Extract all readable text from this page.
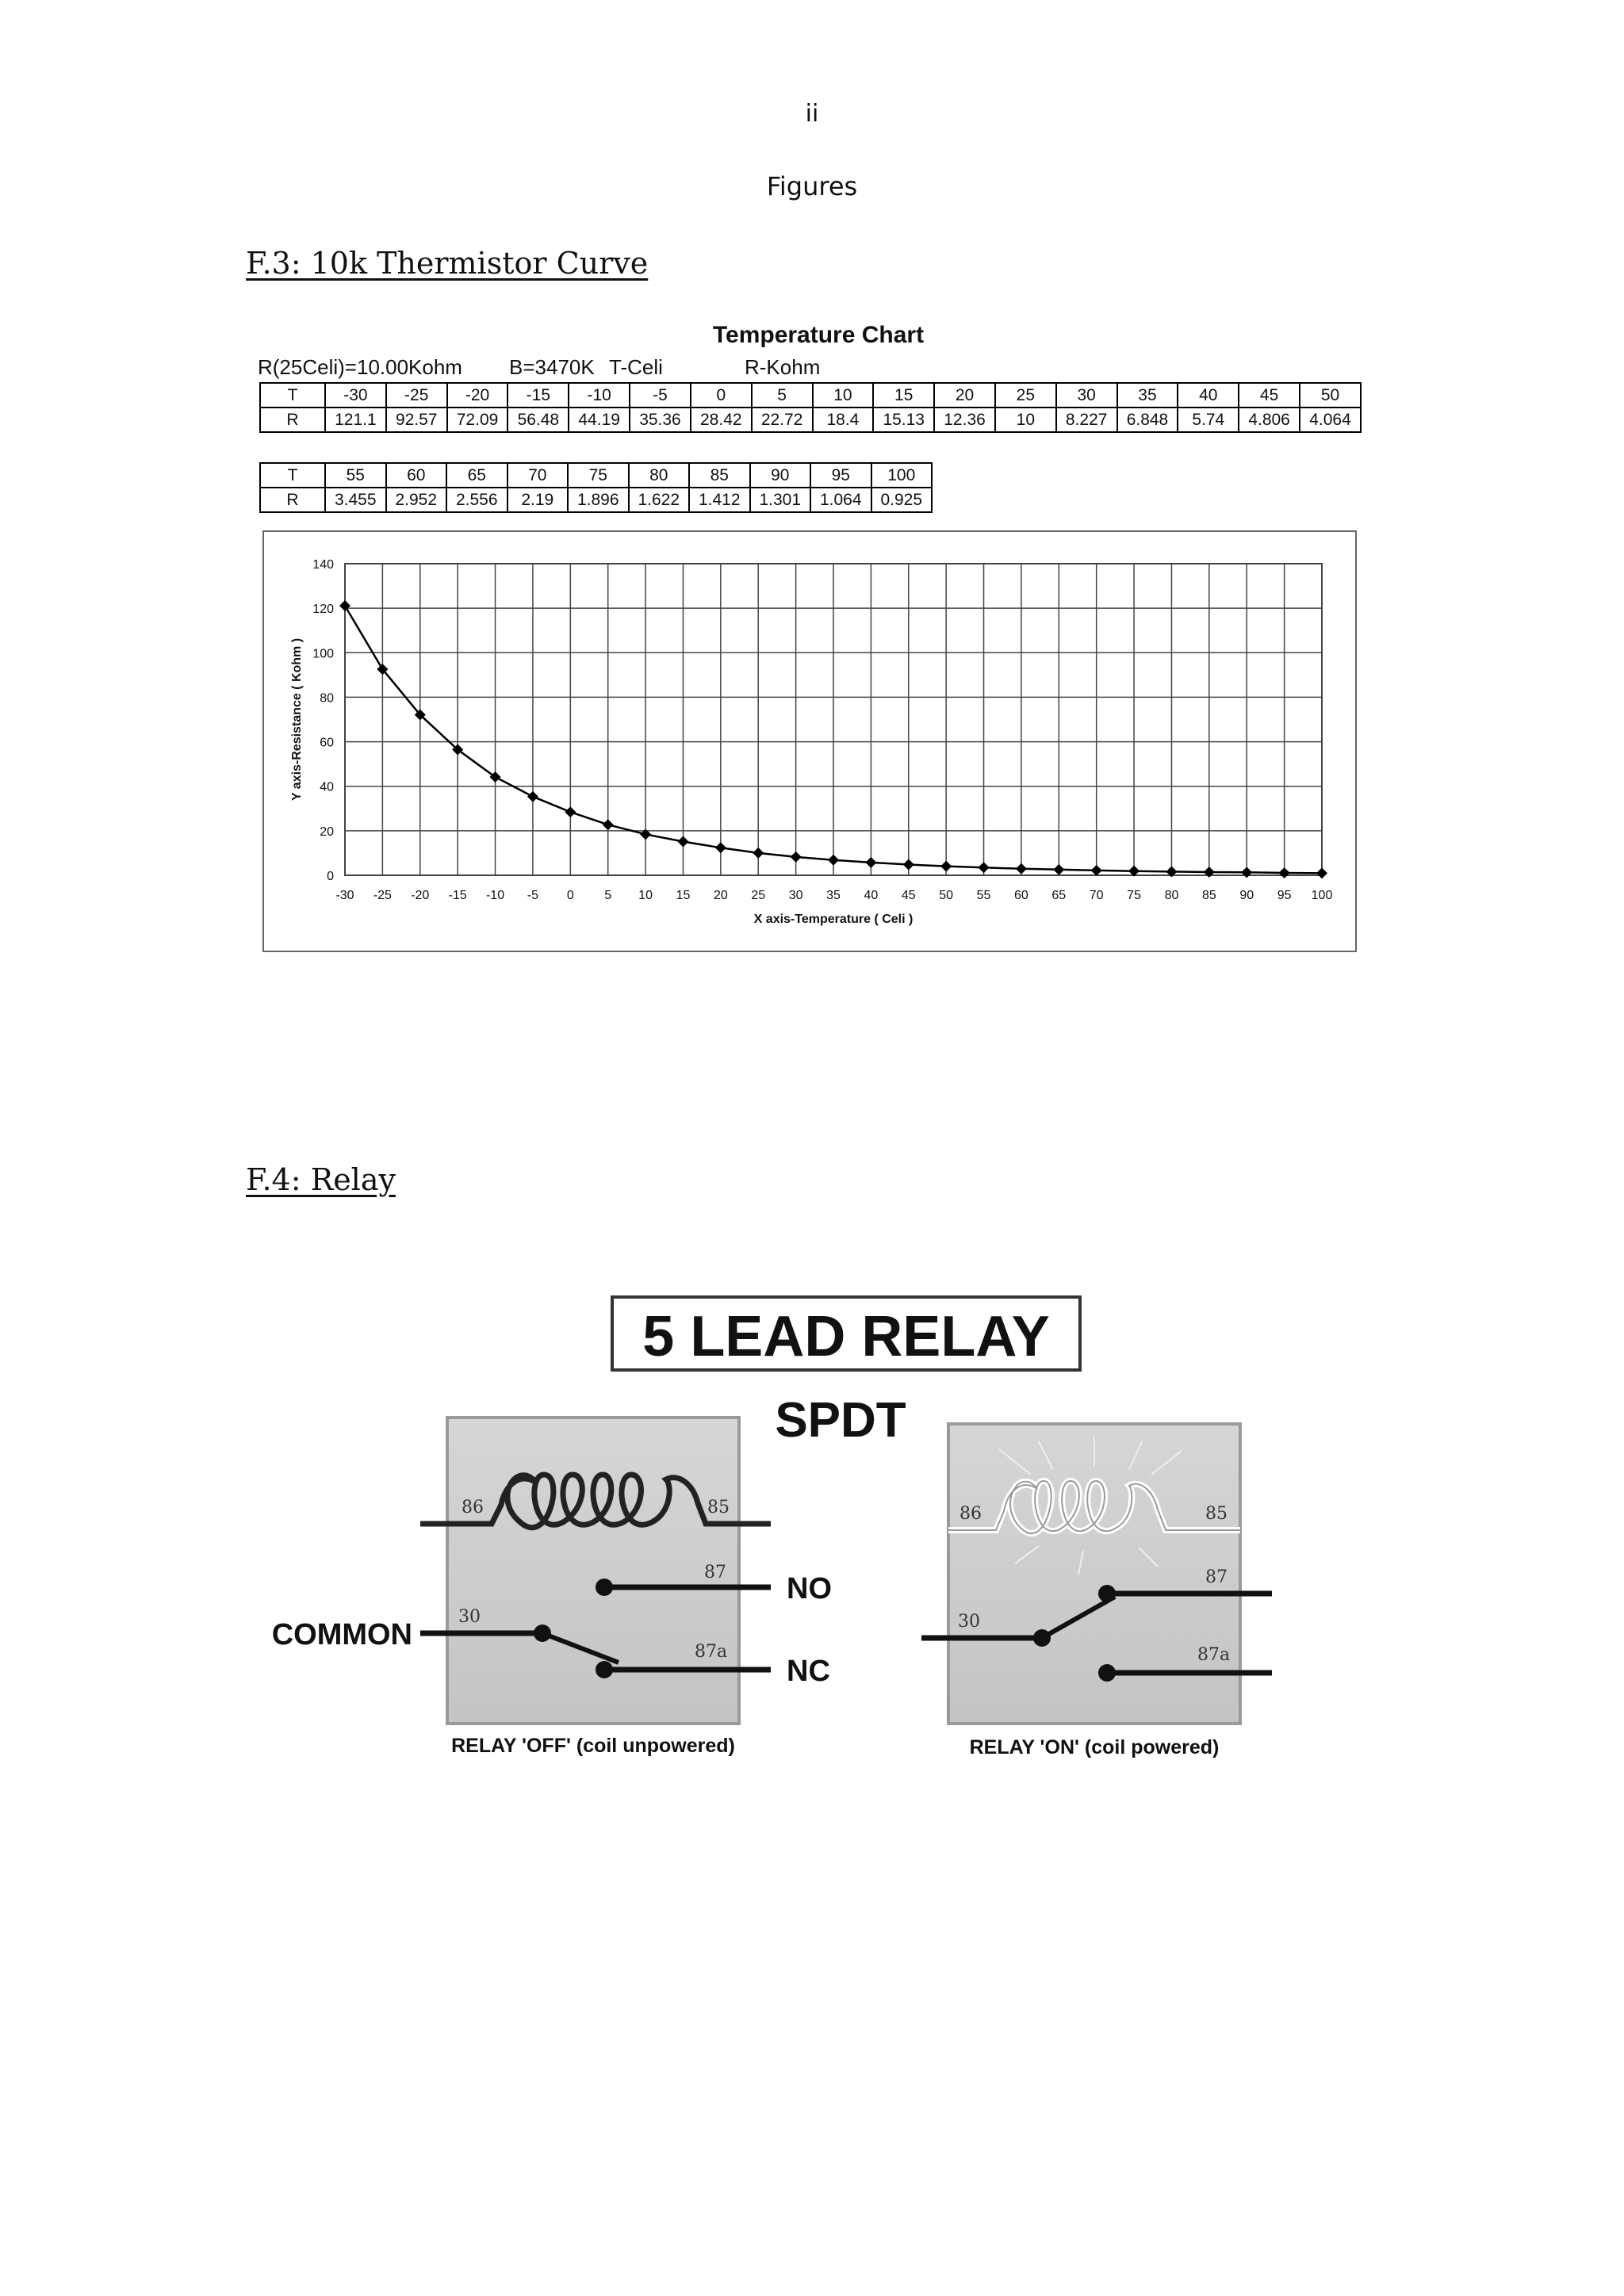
ii
Figures
F.3: 10k Thermistor Curve
Temperature Chart
R(25Celi)=10.00Kohm B=3470K T-Celi	R-Kohm
T	-30	-25	-20	-15	-10	-5	0	5	10	15	20	25	30	35	40	45	50
R	121.1	92.57	72.09	56.48	44.19	35.36	28.42	22.72	18.4	15.13	12.36	10	8.227	6.848	5.74	4.806	4.064
T	55	60	65	70	75	80	85	90	95	100
R	3.455	2.952	2.556	2.19	1.896	1.622	1.412	1.301	1.064	0.925
-30 -25 -20 -15 -10 -5 0 5 10 15 20 25 30 35 40 45 50 55 60 65 70 75 80 85 90 95 100
0
20
40
60
80
100
120
140
X axis-Temperature ( Celi )
Y axis-Resistance ( Kohm )
F.4: Relay
5 LEAD RELAY
SPDT
86	85
87
87a
30
NO
NC
COMMON
RELAY 'OFF' (coil unpowered)
86	85
87
87a
30
RELAY 'ON' (coil powered)
